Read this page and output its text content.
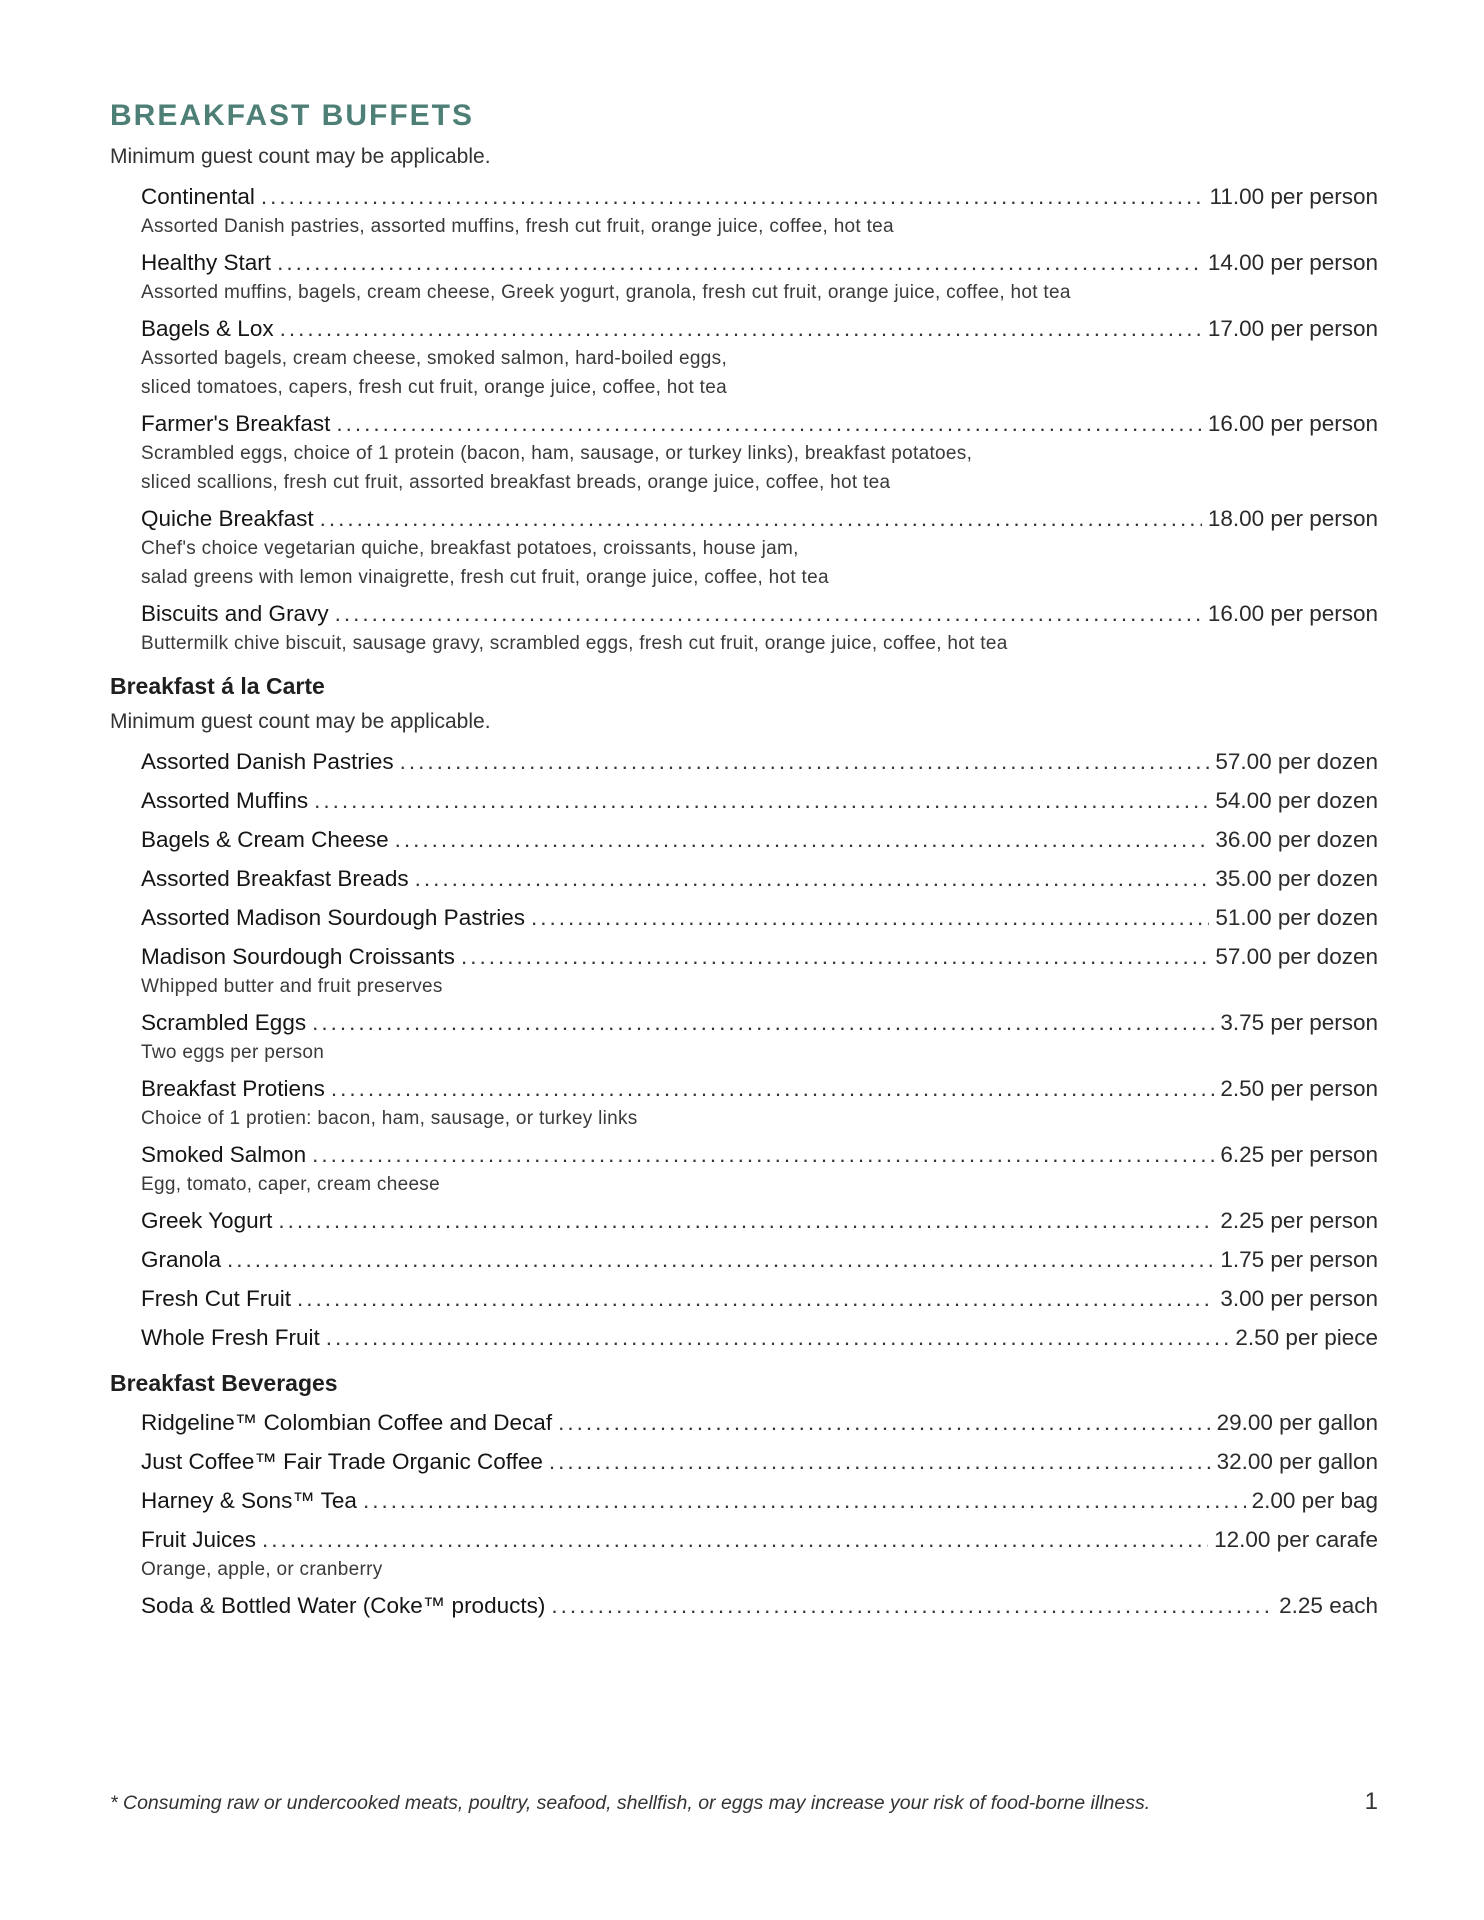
BREAKFAST BUFFETS
Minimum guest count may be applicable.
Continental .....	11.00 per person
Assorted Danish pastries, assorted muffins, fresh cut fruit, orange juice, coffee, hot tea
Healthy Start .....	14.00 per person
Assorted muffins, bagels, cream cheese, Greek yogurt, granola, fresh cut fruit, orange juice, coffee, hot tea
Bagels & Lox .....	17.00 per person
Assorted bagels, cream cheese, smoked salmon, hard-boiled eggs,
sliced tomatoes, capers, fresh cut fruit, orange juice, coffee, hot tea
Farmer's Breakfast .....	16.00 per person
Scrambled eggs, choice of 1 protein (bacon, ham, sausage, or turkey links), breakfast potatoes,
sliced scallions, fresh cut fruit, assorted breakfast breads, orange juice, coffee, hot tea
Quiche Breakfast .....	18.00 per person
Chef's choice vegetarian quiche, breakfast potatoes, croissants, house jam,
salad greens with lemon vinaigrette, fresh cut fruit, orange juice, coffee, hot tea
Biscuits and Gravy .....	16.00 per person
Buttermilk chive biscuit, sausage gravy, scrambled eggs, fresh cut fruit, orange juice, coffee, hot tea
Breakfast á la Carte
Minimum guest count may be applicable.
Assorted Danish Pastries .....	57.00 per dozen
Assorted Muffins .....	54.00 per dozen
Bagels & Cream Cheese .....	36.00 per dozen
Assorted Breakfast Breads .....	35.00 per dozen
Assorted Madison Sourdough Pastries .....	51.00 per dozen
Madison Sourdough Croissants .....	57.00 per dozen
Whipped butter and fruit preserves
Scrambled Eggs .....	3.75 per person
Two eggs per person
Breakfast Protiens .....	2.50 per person
Choice of 1 protien: bacon, ham, sausage, or turkey links
Smoked Salmon .....	6.25 per person
Egg, tomato, caper, cream cheese
Greek Yogurt .....	2.25 per person
Granola .....	1.75 per person
Fresh Cut Fruit .....	3.00 per person
Whole Fresh Fruit .....	2.50 per piece
Breakfast Beverages
Ridgeline™ Colombian Coffee and Decaf .....	29.00 per gallon
Just Coffee™ Fair Trade Organic Coffee .....	32.00 per gallon
Harney & Sons™ Tea .....	2.00 per bag
Fruit Juices .....	12.00 per carafe
Orange, apple, or cranberry
Soda & Bottled Water (Coke™ products) .....	2.25 each
* Consuming raw or undercooked meats, poultry, seafood, shellfish, or eggs may increase your risk of food-borne illness.	1
